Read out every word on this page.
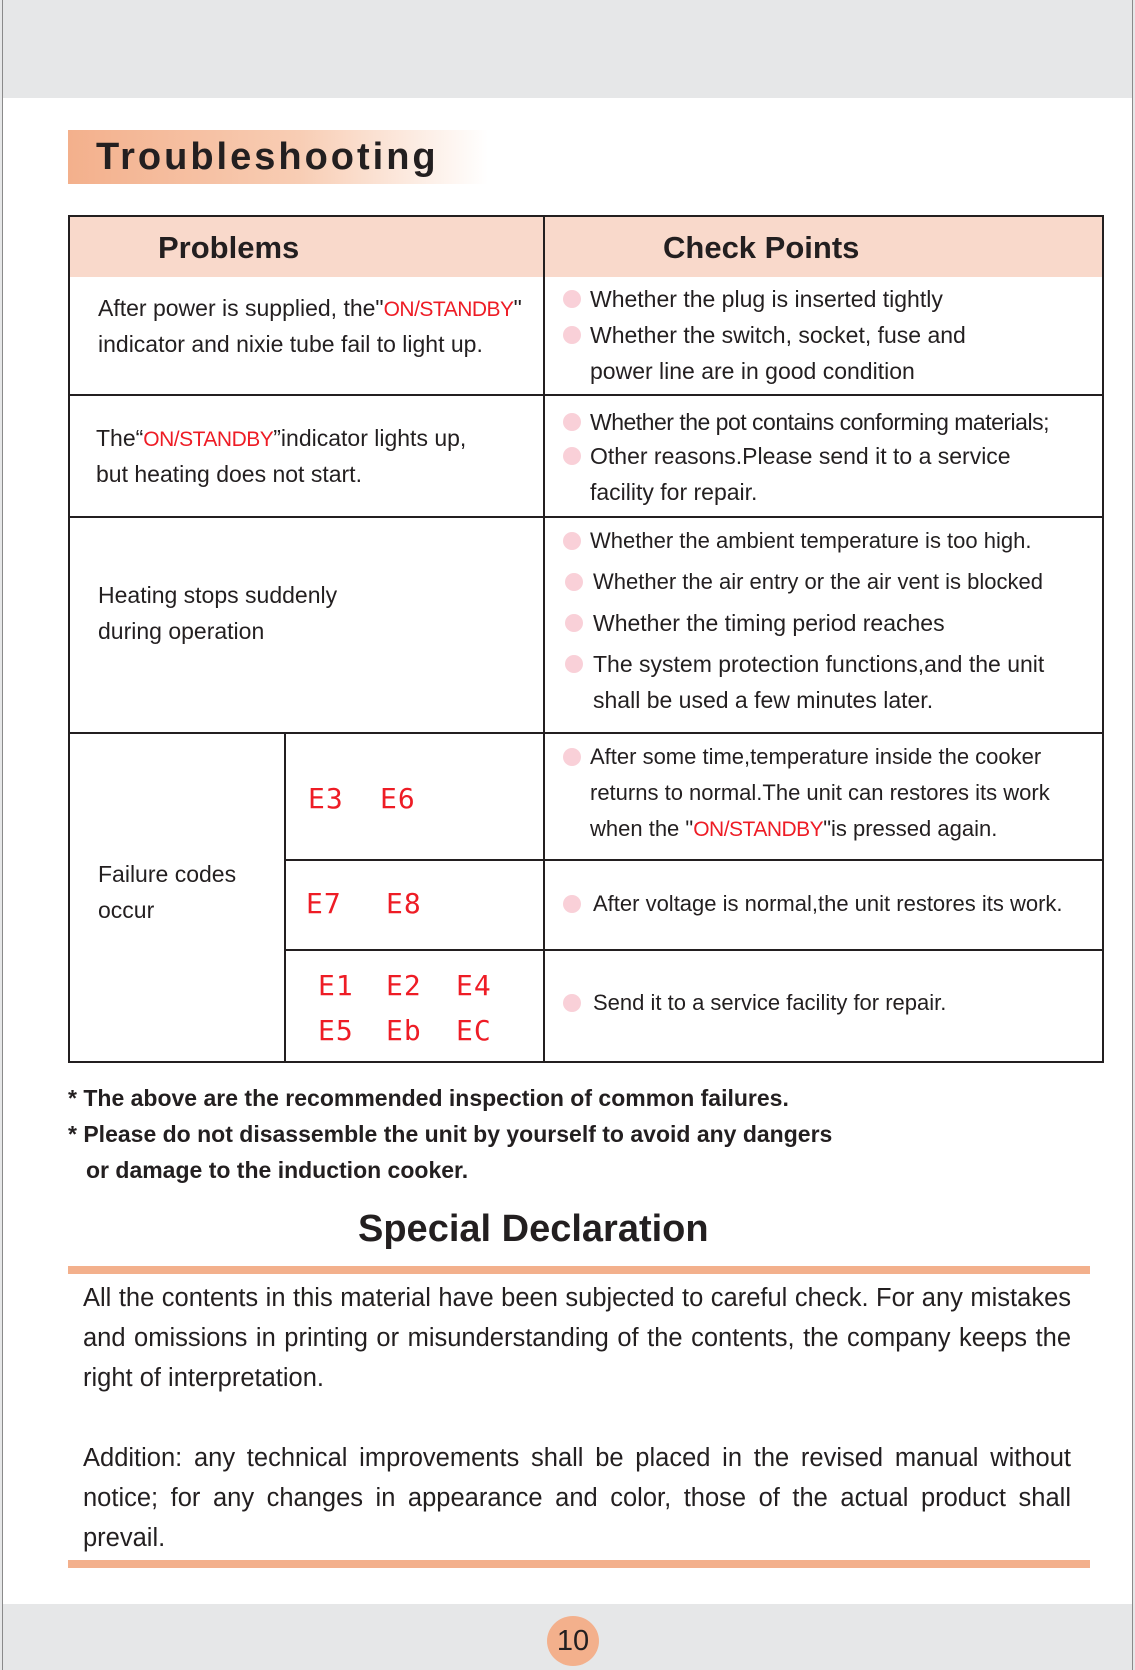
Troubleshooting
Problems	Check Points
After power is supplied, the"ON/STANDBY"
indicator and nixie tube fail to light up.
Whether the plug is inserted tightly
Whether the switch, socket, fuse and
power line are in good condition
The“ON/STANDBY”indicator lights up,
but heating does not start.
Whether the pot contains conforming materials;
Other reasons.Please send it to a service
facility for repair.
Heating stops suddenly
during operation
Whether the ambient temperature is too high.
Whether the air entry or the air vent is blocked
Whether the timing period reaches
The system protection functions,and the unit
shall be used a few minutes later.
Failure codes
occur
E3 E6
After some time,temperature inside the cooker
returns to normal.The unit can restores its work
when the "ON/STANDBY"is pressed again.
E7 E8	After voltage is normal,the unit restores its work.
E1 E2 E4
E5 Eb EC
Send it to a service facility for repair.
* The above are the recommended inspection of common failures.
* Please do not disassemble the unit by yourself to avoid any dangers
or damage to the induction cooker.
Special Declaration
All the contents in this material have been subjected to careful check. For any mistakes and omissions in printing or misunderstanding of the contents, the company keeps the right of interpretation.
Addition: any technical improvements shall be placed in the revised manual without notice; for any changes in appearance and color, those of the actual product shall prevail.
10
